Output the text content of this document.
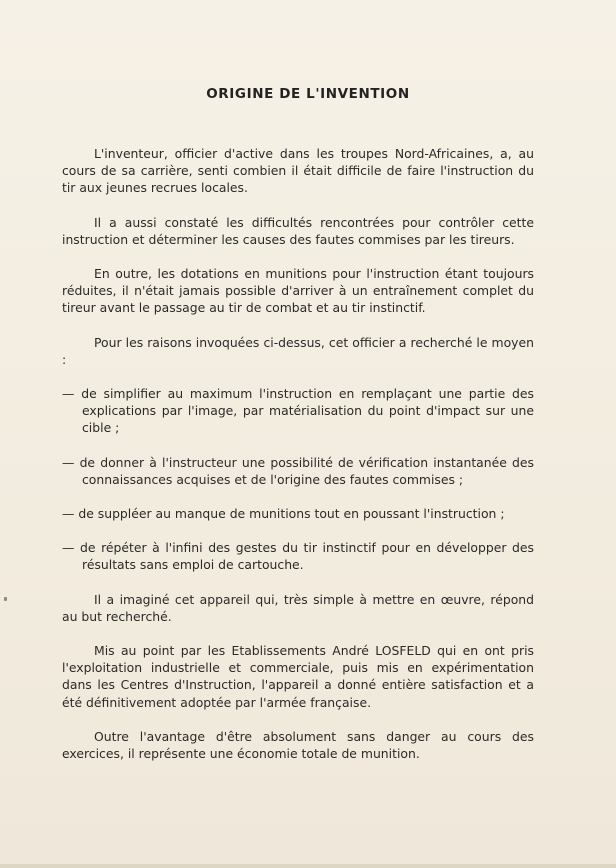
ORIGINE DE L'INVENTION

L'inventeur, officier d'active dans les troupes Nord-Africaines, a, au cours de sa carrière, senti combien il était difficile de faire l'instruction du tir aux jeunes recrues locales.

Il a aussi constaté les difficultés rencontrées pour contrôler cette instruction et déterminer les causes des fautes commises par les tireurs.

En outre, les dotations en munitions pour l'instruction étant toujours réduites, il n'était jamais possible d'arriver à un entraînement complet du tireur avant le passage au tir de combat et au tir instinctif.

Pour les raisons invoquées ci-dessus, cet officier a recherché le moyen :

— de simplifier au maximum l'instruction en remplaçant une partie des explications par l'image, par matérialisation du point d'impact sur une cible ;

— de donner à l'instructeur une possibilité de vérification instantanée des connaissances acquises et de l'origine des fautes commises ;

— de suppléer au manque de munitions tout en poussant l'instruction ;

— de répéter à l'infini des gestes du tir instinctif pour en développer des résultats sans emploi de cartouche.

Il a imaginé cet appareil qui, très simple à mettre en œuvre, répond au but recherché.

Mis au point par les Etablissements André LOSFELD qui en ont pris l'exploitation industrielle et commerciale, puis mis en expérimentation dans les Centres d'Instruction, l'appareil a donné entière satisfaction et a été définitivement adoptée par l'armée française.

Outre l'avantage d'être absolument sans danger au cours des exercices, il représente une économie totale de munition.
